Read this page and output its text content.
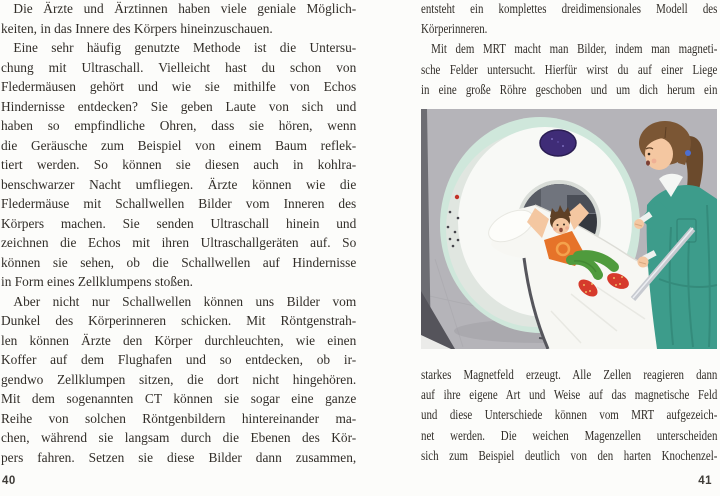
Die Ärzte und Ärztinnen haben viele geniale Möglich-
keiten, in das Innere des Körpers hineinzuschauen.
Eine sehr häufig genutzte Methode ist die Untersu-
chung mit Ultraschall. Vielleicht hast du schon von
Fledermäusen gehört und wie sie mithilfe von Echos
Hindernisse entdecken? Sie geben Laute von sich und
haben so empfindliche Ohren, dass sie hören, wenn
die Geräusche zum Beispiel von einem Baum reflek-
tiert werden. So können sie diesen auch in kohlra-
benschwarzer Nacht umfliegen. Ärzte können wie die
Fledermäuse mit Schallwellen Bilder vom Inneren des
Körpers machen. Sie senden Ultraschall hinein und
zeichnen die Echos mit ihren Ultraschallgeräten auf. So
können sie sehen, ob die Schallwellen auf Hindernisse
in Form eines Zellklumpens stoßen.
Aber nicht nur Schallwellen können uns Bilder vom
Dunkel des Körperinneren schicken. Mit Röntgenstrah-
len können Ärzte den Körper durchleuchten, wie einen
Koffer auf dem Flughafen und so entdecken, ob ir-
gendwo Zellklumpen sitzen, die dort nicht hingehören.
Mit dem sogenannten CT können sie sogar eine ganze
Reihe von solchen Röntgenbildern hintereinander ma-
chen, während sie langsam durch die Ebenen des Kör-
pers fahren. Setzen sie diese Bilder dann zusammen,
entsteht ein komplettes dreidimensionales Modell des
Körperinneren.
Mit dem MRT macht man Bilder, indem man magneti-
sche Felder untersucht. Hierfür wirst du auf einer Liege
in eine große Röhre geschoben und um dich herum ein
starkes Magnetfeld erzeugt. Alle Zellen reagieren dann
auf ihre eigene Art und Weise auf das magnetische Feld
und diese Unterschiede können vom MRT aufgezeich-
net werden. Die weichen Magenzellen unterscheiden
sich zum Beispiel deutlich von den harten Knochenzel-
40	41
